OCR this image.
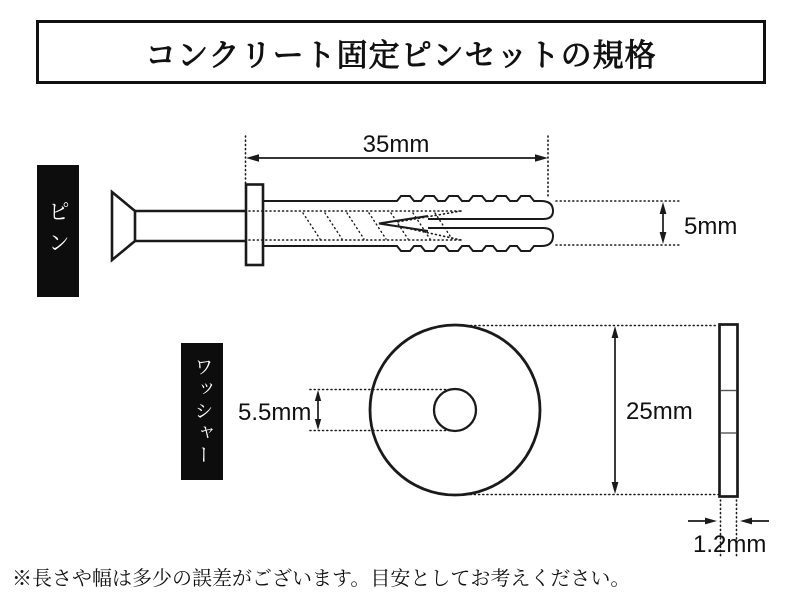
コンクリート固定ピンセットの規格
ピン
ワッシャー
35mm
5mm
5.5mm	25mm
1.2mm
※長さや幅は多少の誤差がございます。目安としてお考えください。
